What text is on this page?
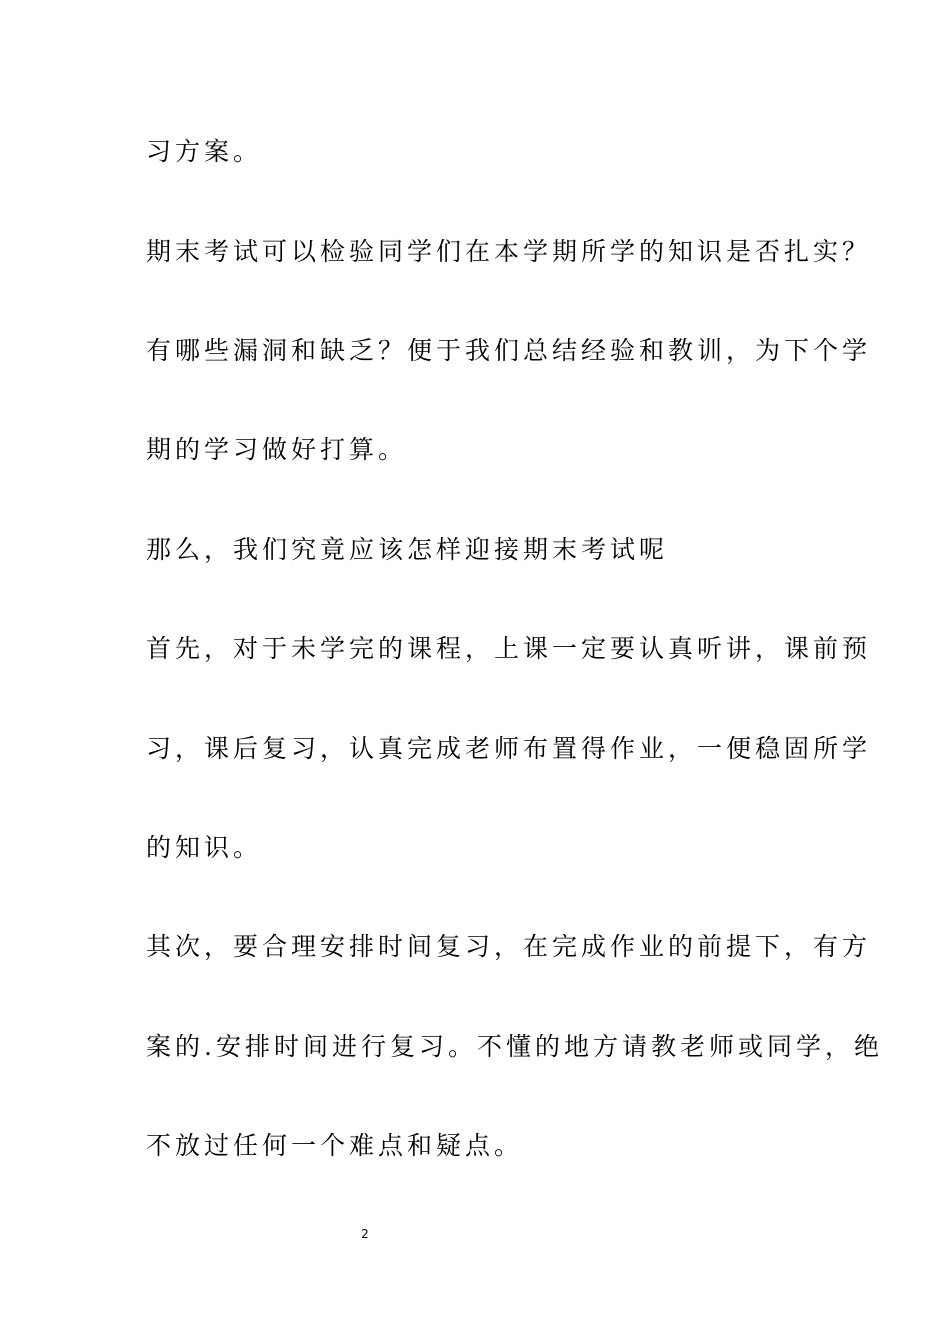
习方案。
期末考试可以检验同学们在本学期所学的知识是否扎实？
有哪些漏洞和缺乏？便于我们总结经验和教训，为下个学
期的学习做好打算。
那么，我们究竟应该怎样迎接期末考试呢
首先，对于未学完的课程，上课一定要认真听讲，课前预
习，课后复习，认真完成老师布置得作业，一便稳固所学
的知识。
其次，要合理安排时间复习，在完成作业的前提下，有方
案的.安排时间进行复习。不懂的地方请教老师或同学，绝
不放过任何一个难点和疑点。
2
